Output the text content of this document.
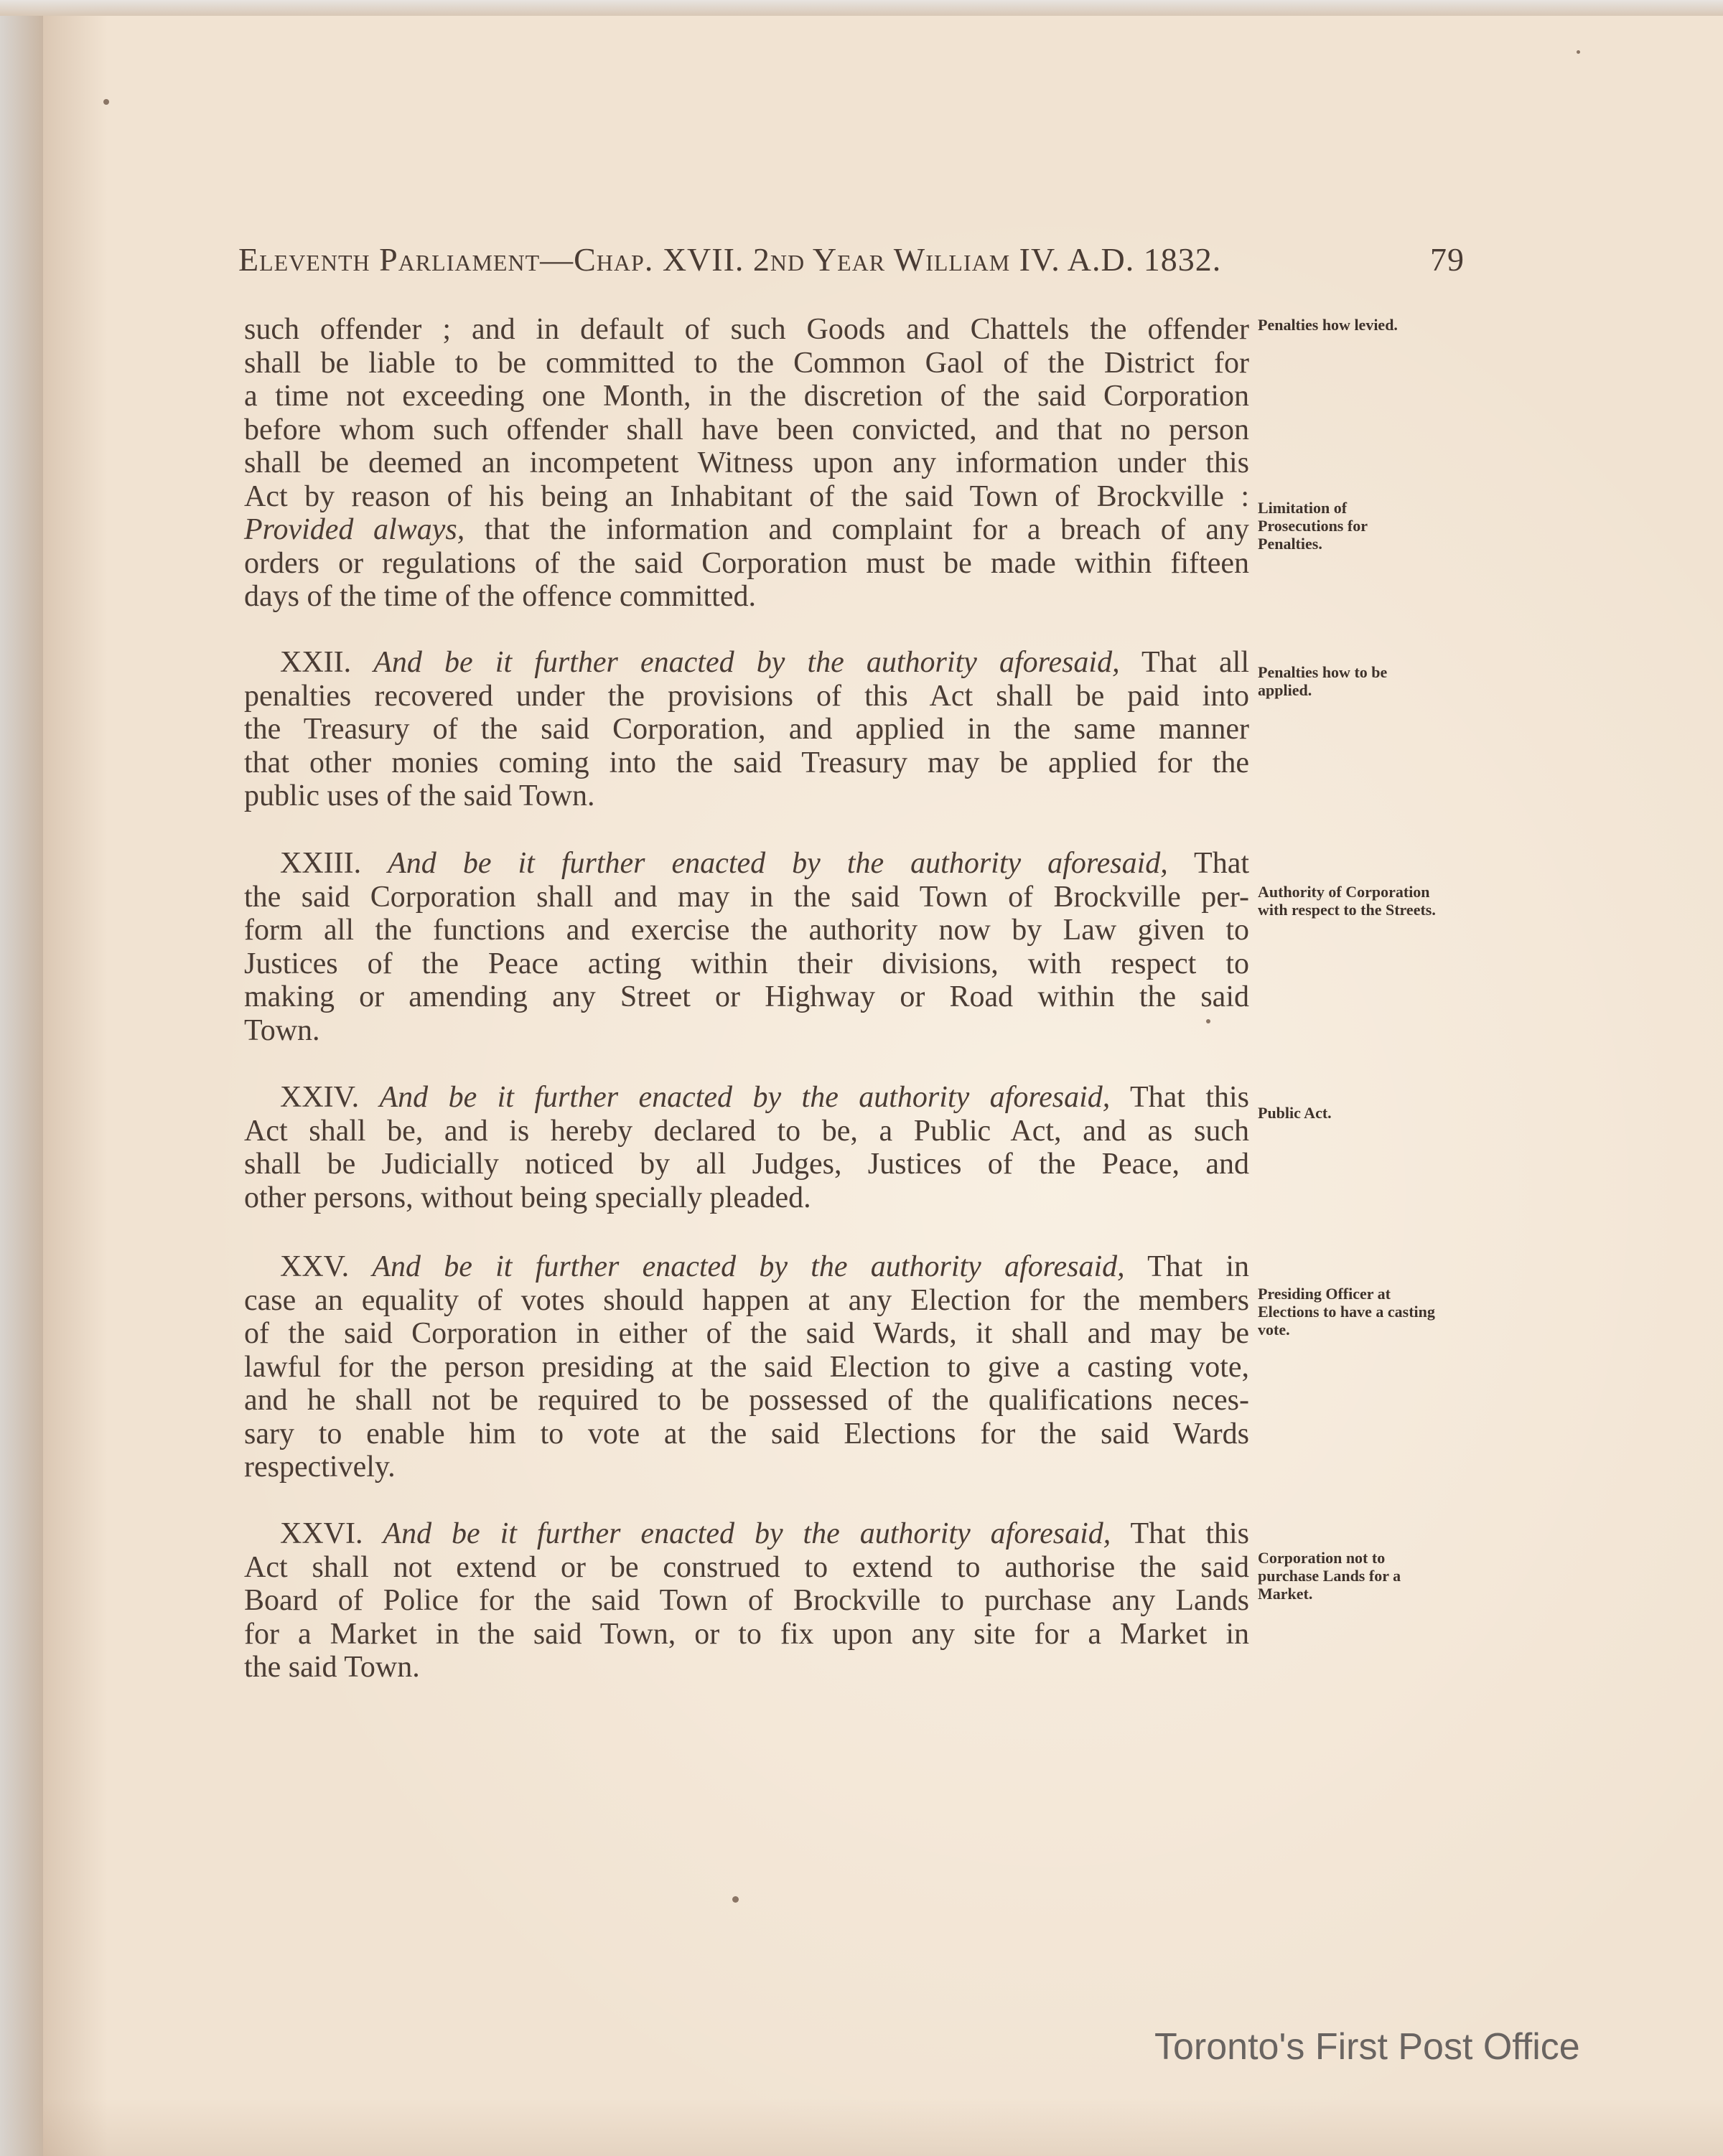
Eleventh Parliament—Chap. XVII. 2nd Year William IV. A.D. 1832.	79
such offender ; and in default of such Goods and Chattels the offender
shall be liable to be committed to the Common Gaol of the District for
a time not exceeding one Month, in the discretion of the said Corporation
before whom such offender shall have been convicted, and that no person
shall be deemed an incompetent Witness upon any information under this
Act by reason of his being an Inhabitant of the said Town of Brockville :
Provided always, that the information and complaint for a breach of any
orders or regulations of the said Corporation must be made within fifteen
days of the time of the offence committed.
XXII. And be it further enacted by the authority aforesaid, That all
penalties recovered under the provisions of this Act shall be paid into
the Treasury of the said Corporation, and applied in the same manner
that other monies coming into the said Treasury may be applied for the
public uses of the said Town.
XXIII. And be it further enacted by the authority aforesaid, That
the said Corporation shall and may in the said Town of Brockville per-
form all the functions and exercise the authority now by Law given to
Justices of the Peace acting within their divisions, with respect to
making or amending any Street or Highway or Road within the said
Town.
XXIV. And be it further enacted by the authority aforesaid, That this
Act shall be, and is hereby declared to be, a Public Act, and as such
shall be Judicially noticed by all Judges, Justices of the Peace, and
other persons, without being specially pleaded.
XXV. And be it further enacted by the authority aforesaid, That in
case an equality of votes should happen at any Election for the members
of the said Corporation in either of the said Wards, it shall and may be
lawful for the person presiding at the said Election to give a casting vote,
and he shall not be required to be possessed of the qualifications neces-
sary to enable him to vote at the said Elections for the said Wards
respectively.
XXVI. And be it further enacted by the authority aforesaid, That this
Act shall not extend or be construed to extend to authorise the said
Board of Police for the said Town of Brockville to purchase any Lands
for a Market in the said Town, or to fix upon any site for a Market in
the said Town.
Penalties how levied.
Limitation of Prosecutions for Penalties.
Penalties how to be applied.
Authority of Corporation with respect to the Streets.
Public Act.
Presiding Officer at Elections to have a casting vote.
Corporation not to purchase Lands for a Market.
Toronto's First Post Office
